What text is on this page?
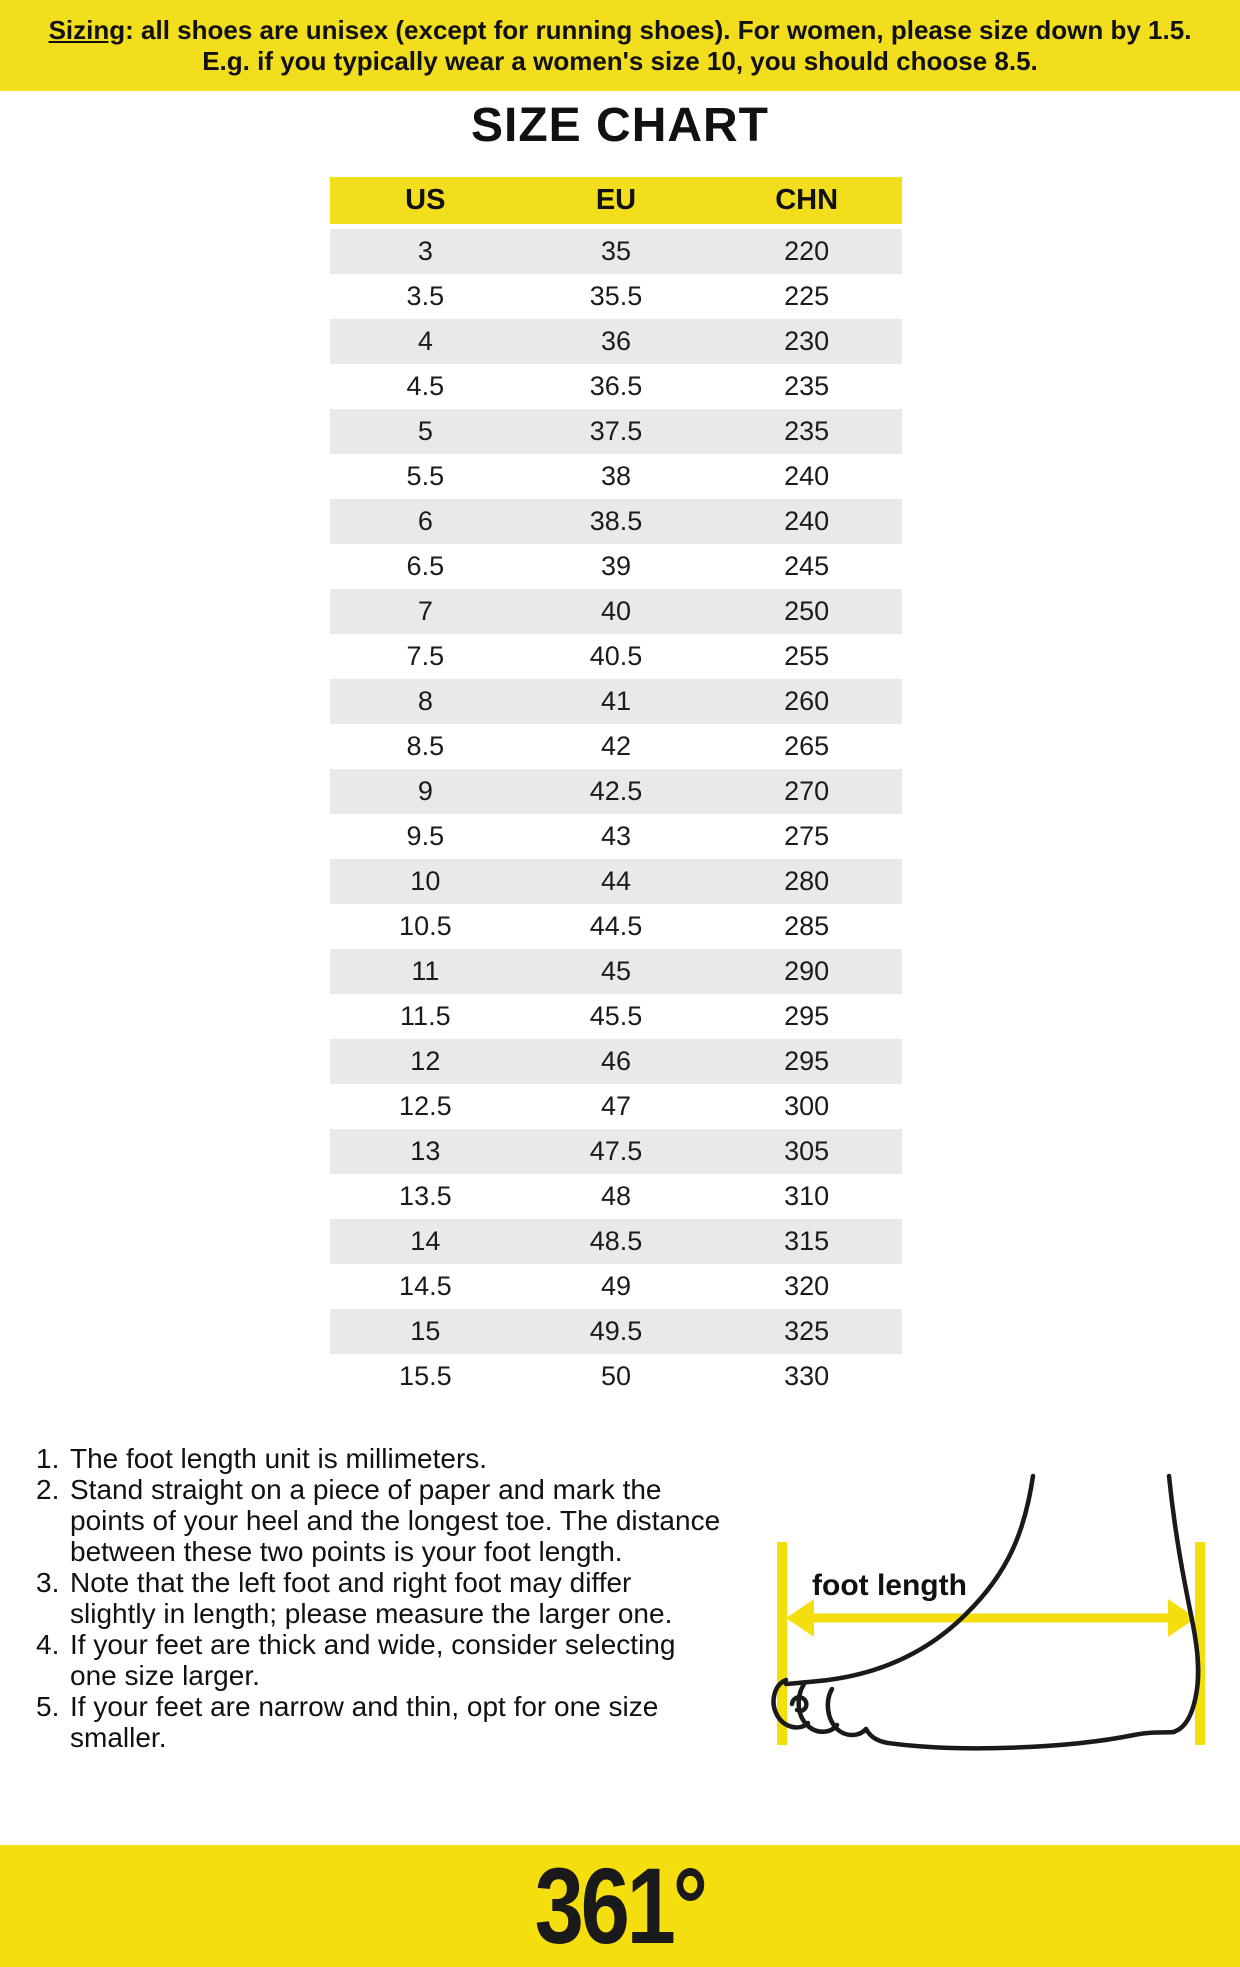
Sizing: all shoes are unisex (except for running shoes). For women, please size down by 1.5. E.g. if you typically wear a women's size 10, you should choose 8.5.
SIZE CHART
US	EU	CHN
3	35	220
3.5	35.5	225
4	36	230
4.5	36.5	235
5	37.5	235
5.5	38	240
6	38.5	240
6.5	39	245
7	40	250
7.5	40.5	255
8	41	260
8.5	42	265
9	42.5	270
9.5	43	275
10	44	280
10.5	44.5	285
11	45	290
11.5	45.5	295
12	46	295
12.5	47	300
13	47.5	305
13.5	48	310
14	48.5	315
14.5	49	320
15	49.5	325
15.5	50	330
1. The foot length unit is millimeters.
2. Stand straight on a piece of paper and mark the points of your heel and the longest toe. The distance between these two points is your foot length.
3. Note that the left foot and right foot may differ slightly in length; please measure the larger one.
4. If your feet are thick and wide, consider selecting one size larger.
5. If your feet are narrow and thin, opt for one size smaller.
foot length
361°
